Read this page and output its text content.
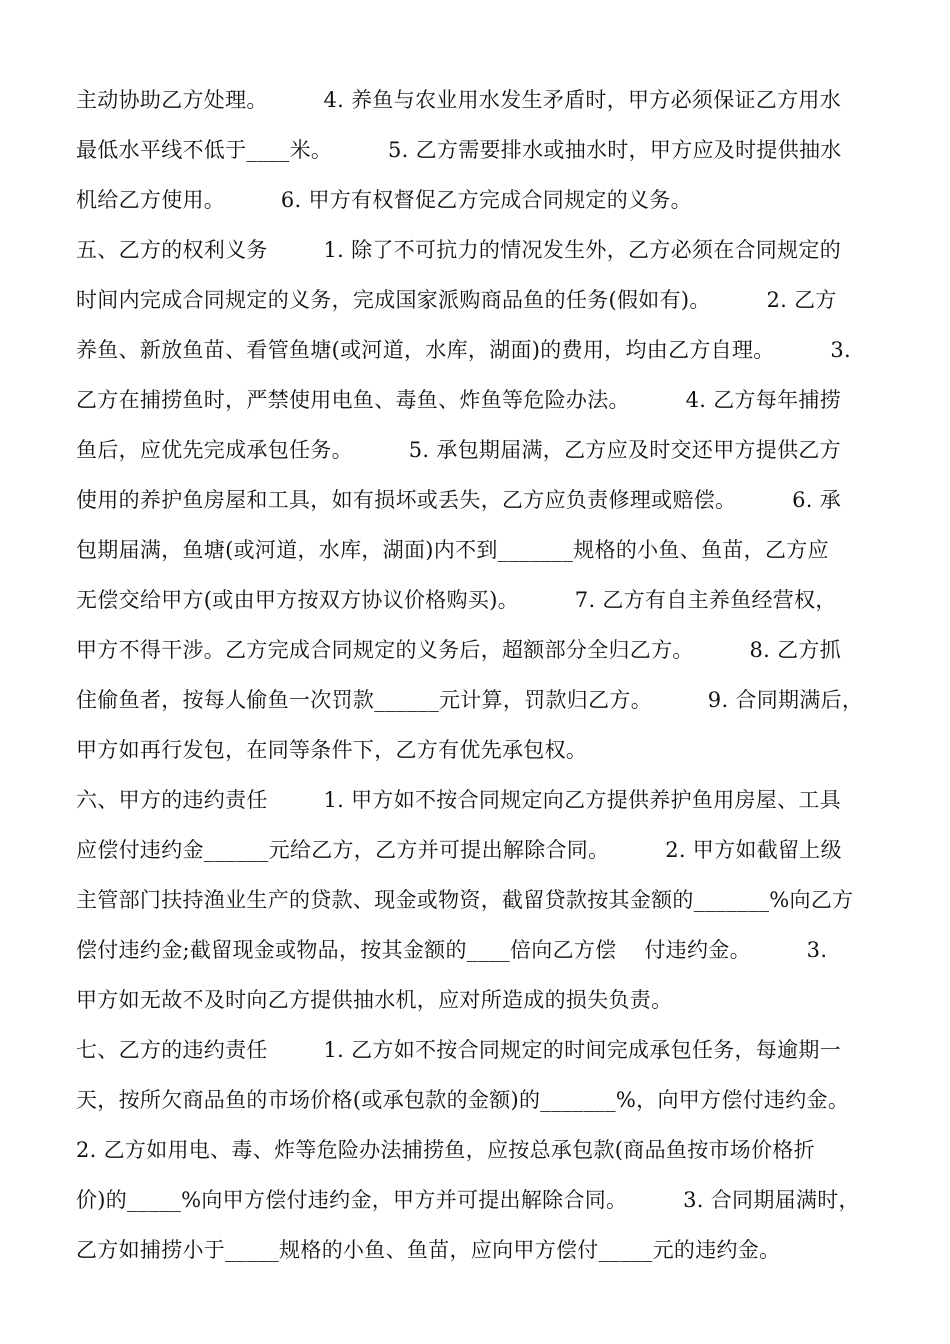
主动协助乙方处理。        4. 养鱼与农业用水发生矛盾时，甲方必须保证乙方用水
最低水平线不低于____米。        5. 乙方需要排水或抽水时，甲方应及时提供抽水
机给乙方使用。        6. 甲方有权督促乙方完成合同规定的义务。
五、乙方的权利义务        1. 除了不可抗力的情况发生外，乙方必须在合同规定的
时间内完成合同规定的义务，完成国家派购商品鱼的任务(假如有)。        2. 乙方
养鱼、新放鱼苗、看管鱼塘(或河道，水库，湖面)的费用，均由乙方自理。        3.
乙方在捕捞鱼时，严禁使用电鱼、毒鱼、炸鱼等危险办法。        4. 乙方每年捕捞
鱼后，应优先完成承包任务。        5. 承包期届满，乙方应及时交还甲方提供乙方
使用的养护鱼房屋和工具，如有损坏或丢失，乙方应负责修理或赔偿。        6. 承
包期届满，鱼塘(或河道，水库，湖面)内不到_______规格的小鱼、鱼苗，乙方应
无偿交给甲方(或由甲方按双方协议价格购买)。        7. 乙方有自主养鱼经营权，
甲方不得干涉。乙方完成合同规定的义务后，超额部分全归乙方。        8. 乙方抓
住偷鱼者，按每人偷鱼一次罚款______元计算，罚款归乙方。        9. 合同期满后，
甲方如再行发包，在同等条件下，乙方有优先承包权。
六、甲方的违约责任        1. 甲方如不按合同规定向乙方提供养护鱼用房屋、工具
应偿付违约金______元给乙方，乙方并可提出解除合同。        2. 甲方如截留上级
主管部门扶持渔业生产的贷款、现金或物资，截留贷款按其金额的_______%向乙方
偿付违约金;截留现金或物品，按其金额的____倍向乙方偿    付违约金。        3.
甲方如无故不及时向乙方提供抽水机，应对所造成的损失负责。
七、乙方的违约责任        1. 乙方如不按合同规定的时间完成承包任务，每逾期一
天，按所欠商品鱼的市场价格(或承包款的金额)的_______%，向甲方偿付违约金。
2. 乙方如用电、毒、炸等危险办法捕捞鱼，应按总承包款(商品鱼按市场价格折
价)的_____%向甲方偿付违约金，甲方并可提出解除合同。        3. 合同期届满时，
乙方如捕捞小于_____规格的小鱼、鱼苗，应向甲方偿付_____元的违约金。
